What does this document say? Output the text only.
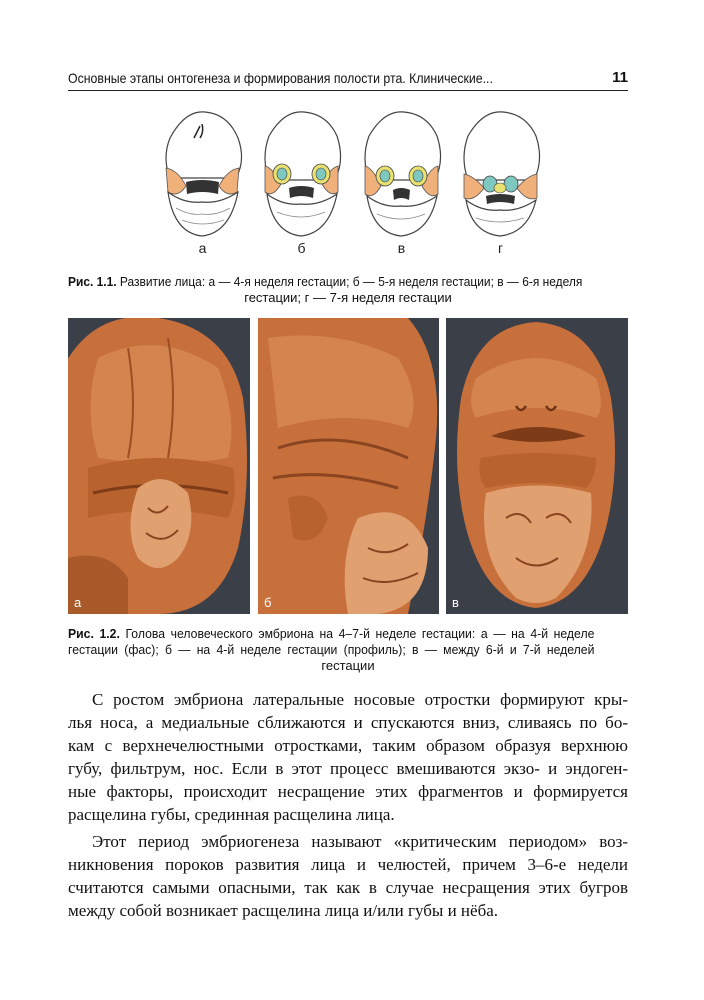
Основные этапы онтогенеза и формирования полости рта. Клинические...	11
а	б	в	г
Рис. 1.1. Развитие лица: а — 4-я неделя гестации; б — 5-я неделя гестации; в — 6-я неделя
гестации; г — 7-я неделя гестации
а	б	в
Рис. 1.2. Голова человеческого эмбриона на 4–7-й неделе гестации: а — на 4-й неделе
гестации (фас); б — на 4-й неделе гестации (профиль); в — между 6-й и 7-й неделей
гестации
С ростом эмбриона латеральные носовые отростки формируют кры-
лья носа, а медиальные сближаются и спускаются вниз, сливаясь по бо-
кам с верхнечелюстными отростками, таким образом образуя верхнюю
губу, фильтрум, нос. Если в этот процесс вмешиваются экзо- и эндоген-
ные факторы, происходит несращение этих фрагментов и формируется
расщелина губы, срединная расщелина лица.
Этот период эмбриогенеза называют «критическим периодом» воз-
никновения пороков развития лица и челюстей, причем 3–6-е недели
считаются самыми опасными, так как в случае несращения этих бугров
между собой возникает расщелина лица и/или губы и нёба.
